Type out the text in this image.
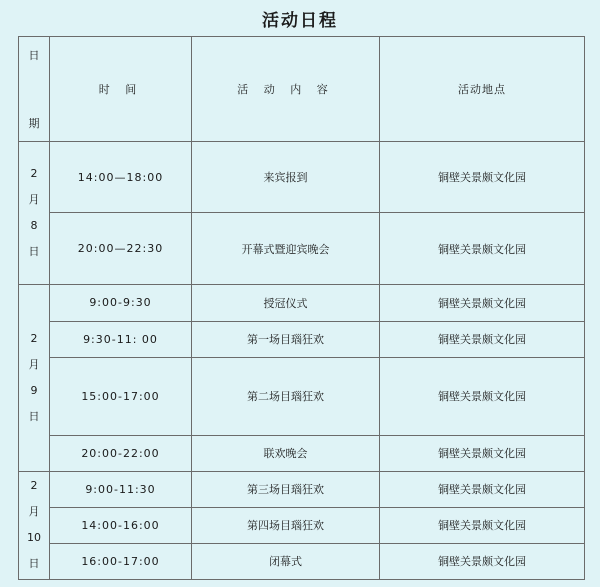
活动日程
日
期	时 间	活 动 内 容	活动地点

2
月
8
日	14:00—18:00	来宾报到	铜壁关景颇文化园
	20:00—22:30	开幕式暨迎宾晚会	铜壁关景颇文化园

2
月
9
日	9:00-9:30	授冠仪式	铜壁关景颇文化园
	9:30-11: 00	第一场目瑙狂欢	铜壁关景颇文化园
	15:00-17:00	第二场目瑙狂欢	铜壁关景颇文化园
	20:00-22:00	联欢晚会	铜壁关景颇文化园

2
月
10
日	9:00-11:30	第三场目瑙狂欢	铜壁关景颇文化园
	14:00-16:00	第四场目瑙狂欢	铜壁关景颇文化园
	16:00-17:00	闭幕式	铜壁关景颇文化园
